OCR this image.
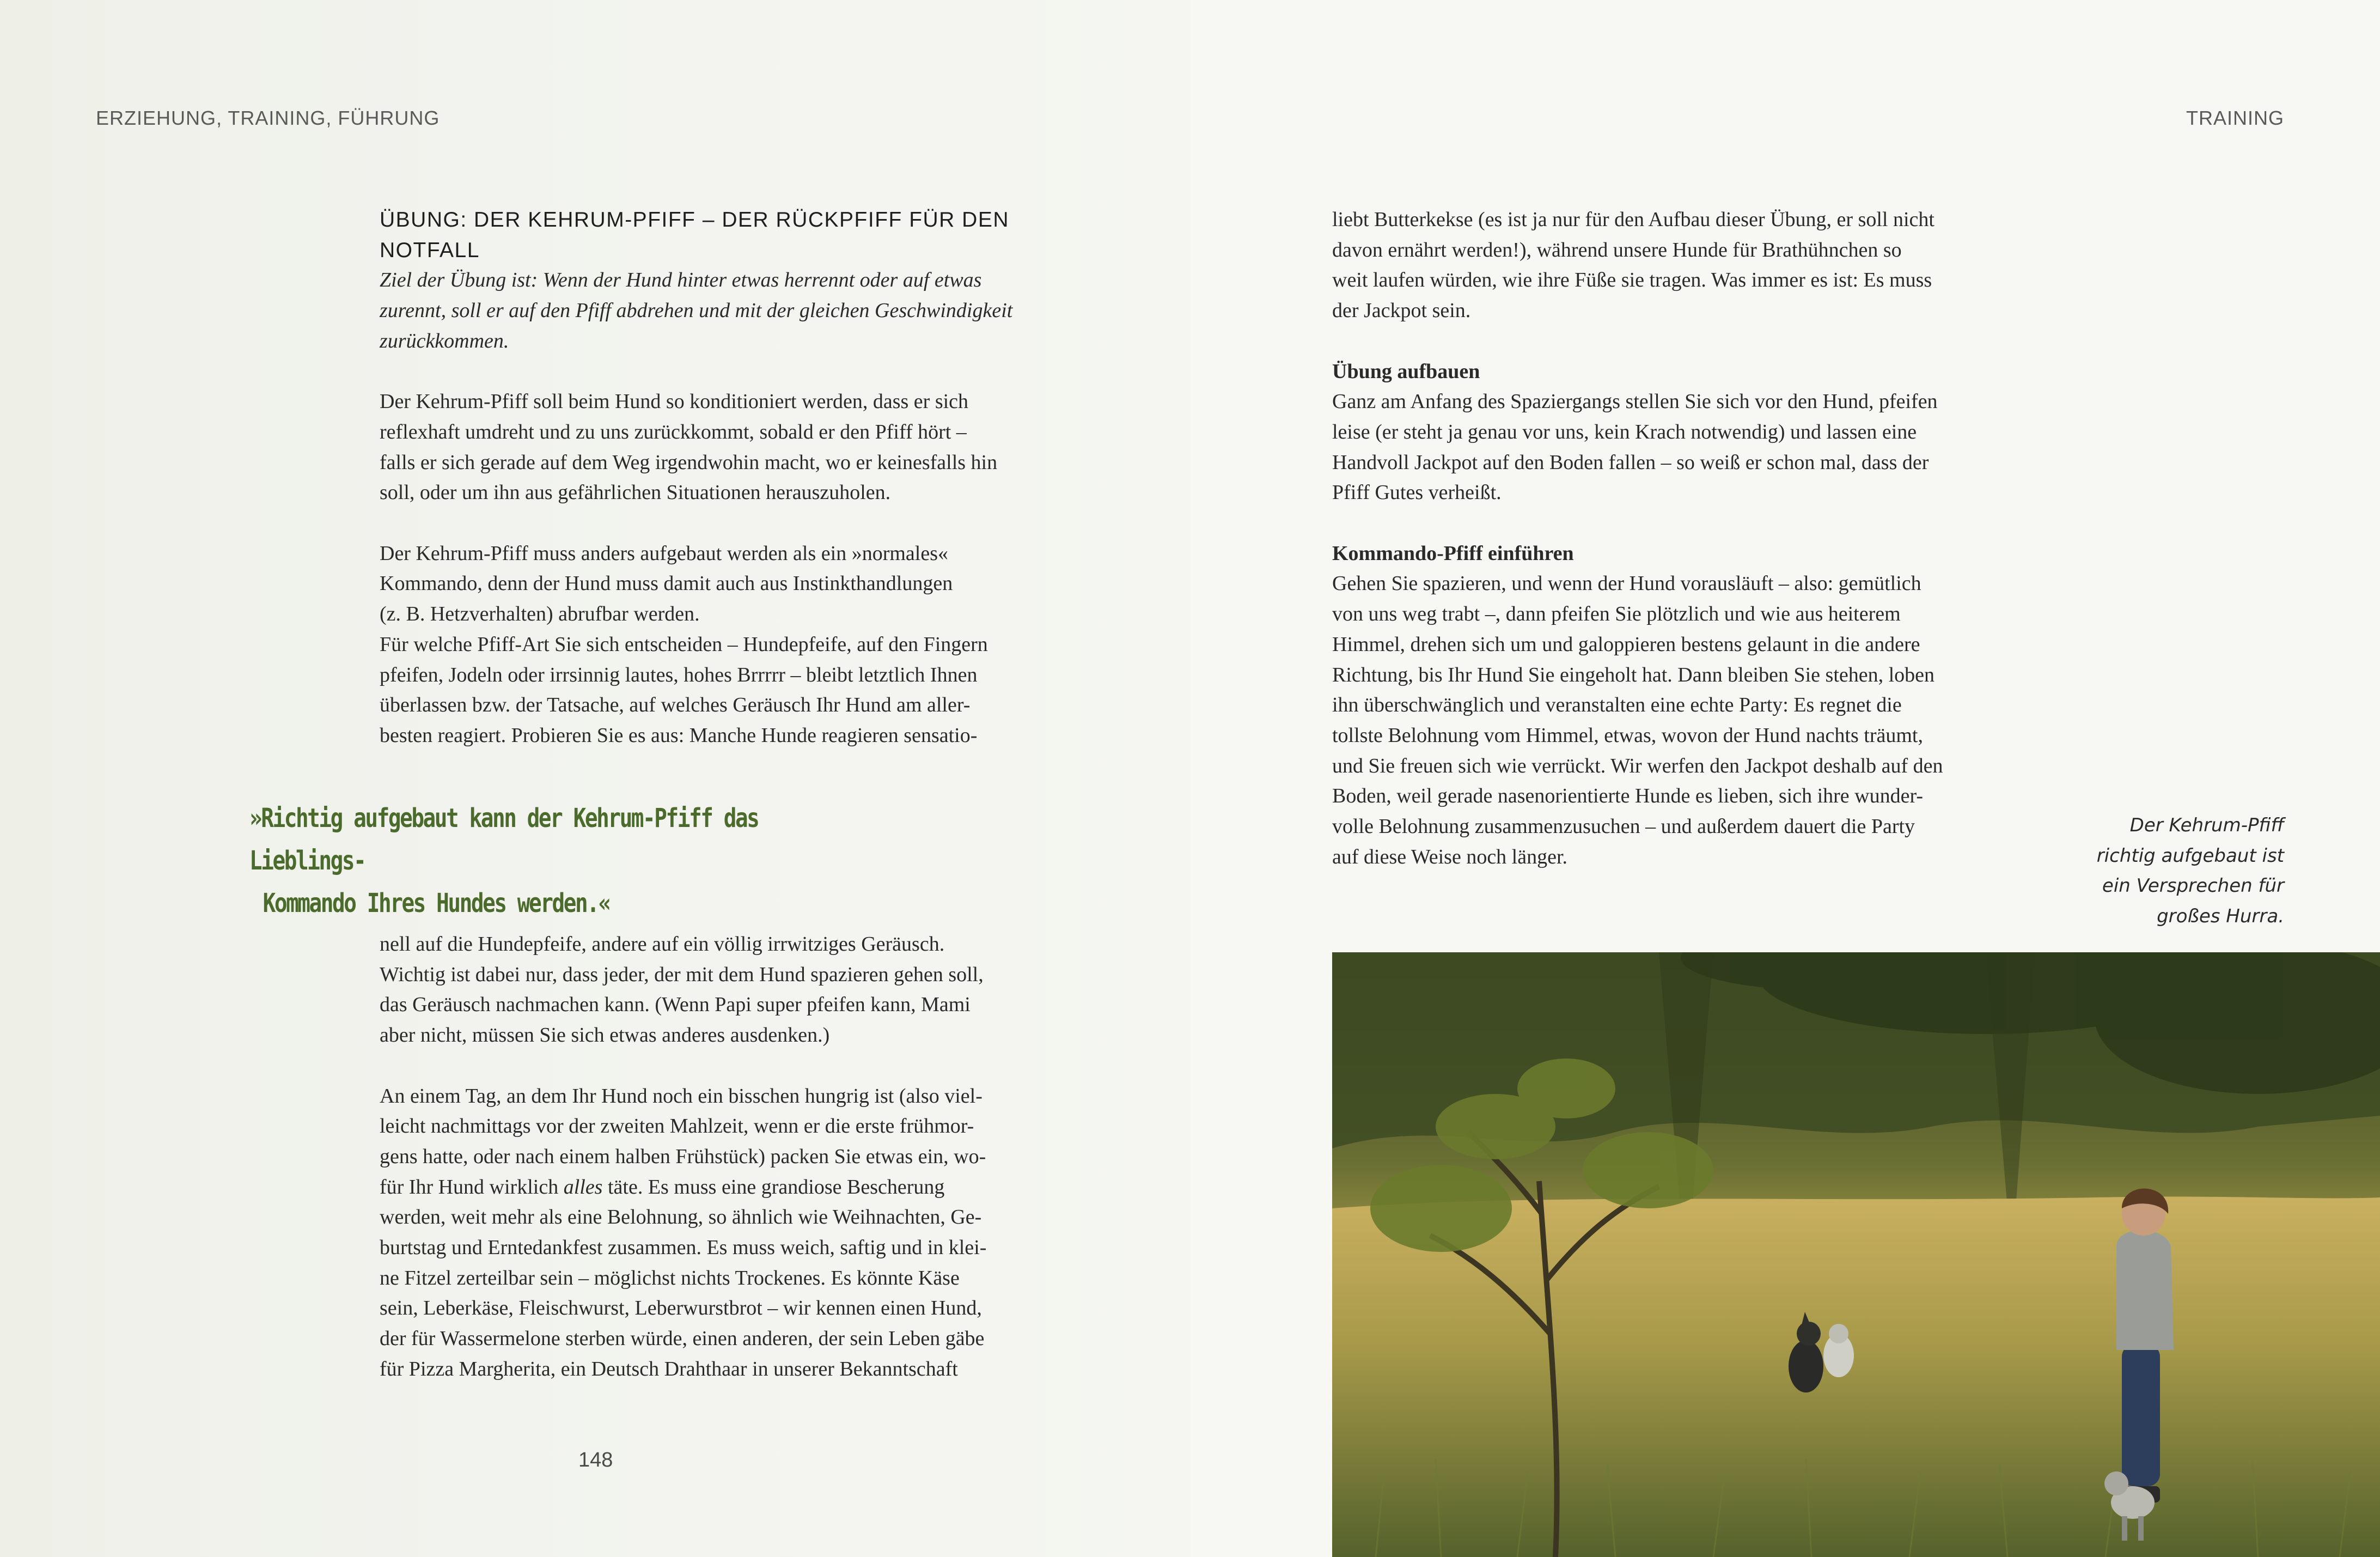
ERZIEHUNG, TRAINING, FÜHRUNG	TRAINING

ÜBUNG: DER KEHRUM-PFIFF – DER RÜCKPFIFF FÜR DEN
NOTFALL

Ziel der Übung ist: Wenn der Hund hinter etwas herrennt oder auf etwas
zurennt, soll er auf den Pfiff abdrehen und mit der gleichen Geschwindigkeit
zurückkommen.

Der Kehrum-Pfiff soll beim Hund so konditioniert werden, dass er sich
reflexhaft umdreht und zu uns zurückkommt, sobald er den Pfiff hört –
falls er sich gerade auf dem Weg irgendwohin macht, wo er keinesfalls hin
soll, oder um ihn aus gefährlichen Situationen herauszuholen.

Der Kehrum-Pfiff muss anders aufgebaut werden als ein »normales«
Kommando, denn der Hund muss damit auch aus Instinkthandlungen
(z. B. Hetzverhalten) abrufbar werden.
Für welche Pfiff-Art Sie sich entscheiden – Hundepfeife, auf den Fingern
pfeifen, Jodeln oder irrsinnig lautes, hohes Brrrrr – bleibt letztlich Ihnen
überlassen bzw. der Tatsache, auf welches Geräusch Ihr Hund am aller-
besten reagiert. Probieren Sie es aus: Manche Hunde reagieren sensatio-

»Richtig aufgebaut kann der Kehrum-Pfiff das Lieblings-
Kommando Ihres Hundes werden.«

nell auf die Hundepfeife, andere auf ein völlig irrwitziges Geräusch.
Wichtig ist dabei nur, dass jeder, der mit dem Hund spazieren gehen soll,
das Geräusch nachmachen kann. (Wenn Papi super pfeifen kann, Mami
aber nicht, müssen Sie sich etwas anderes ausdenken.)

An einem Tag, an dem Ihr Hund noch ein bisschen hungrig ist (also viel-
leicht nachmittags vor der zweiten Mahlzeit, wenn er die erste frühmor-
gens hatte, oder nach einem halben Frühstück) packen Sie etwas ein, wo-
für Ihr Hund wirklich alles täte. Es muss eine grandiose Bescherung
werden, weit mehr als eine Belohnung, so ähnlich wie Weihnachten, Ge-
burtstag und Erntedankfest zusammen. Es muss weich, saftig und in klei-
ne Fitzel zerteilbar sein – möglichst nichts Trockenes. Es könnte Käse
sein, Leberkäse, Fleischwurst, Leberwurstbrot – wir kennen einen Hund,
der für Wassermelone sterben würde, einen anderen, der sein Leben gäbe
für Pizza Margherita, ein Deutsch Drahthaar in unserer Bekanntschaft

148

liebt Butterkekse (es ist ja nur für den Aufbau dieser Übung, er soll nicht
davon ernährt werden!), während unsere Hunde für Brathühnchen so
weit laufen würden, wie ihre Füße sie tragen. Was immer es ist: Es muss
der Jackpot sein.

Übung aufbauen

Ganz am Anfang des Spaziergangs stellen Sie sich vor den Hund, pfeifen
leise (er steht ja genau vor uns, kein Krach notwendig) und lassen eine
Handvoll Jackpot auf den Boden fallen – so weiß er schon mal, dass der
Pfiff Gutes verheißt.

Kommando-Pfiff einführen

Gehen Sie spazieren, und wenn der Hund vorausläuft – also: gemütlich
von uns weg trabt –, dann pfeifen Sie plötzlich und wie aus heiterem
Himmel, drehen sich um und galoppieren bestens gelaunt in die andere
Richtung, bis Ihr Hund Sie eingeholt hat. Dann bleiben Sie stehen, loben
ihn überschwänglich und veranstalten eine echte Party: Es regnet die
tollste Belohnung vom Himmel, etwas, wovon der Hund nachts träumt,
und Sie freuen sich wie verrückt. Wir werfen den Jackpot deshalb auf den
Boden, weil gerade nasenorientierte Hunde es lieben, sich ihre wunder-
volle Belohnung zusammenzusuchen – und außerdem dauert die Party
auf diese Weise noch länger.

Der Kehrum-Pfiff
richtig aufgebaut ist
ein Versprechen für
großes Hurra.
